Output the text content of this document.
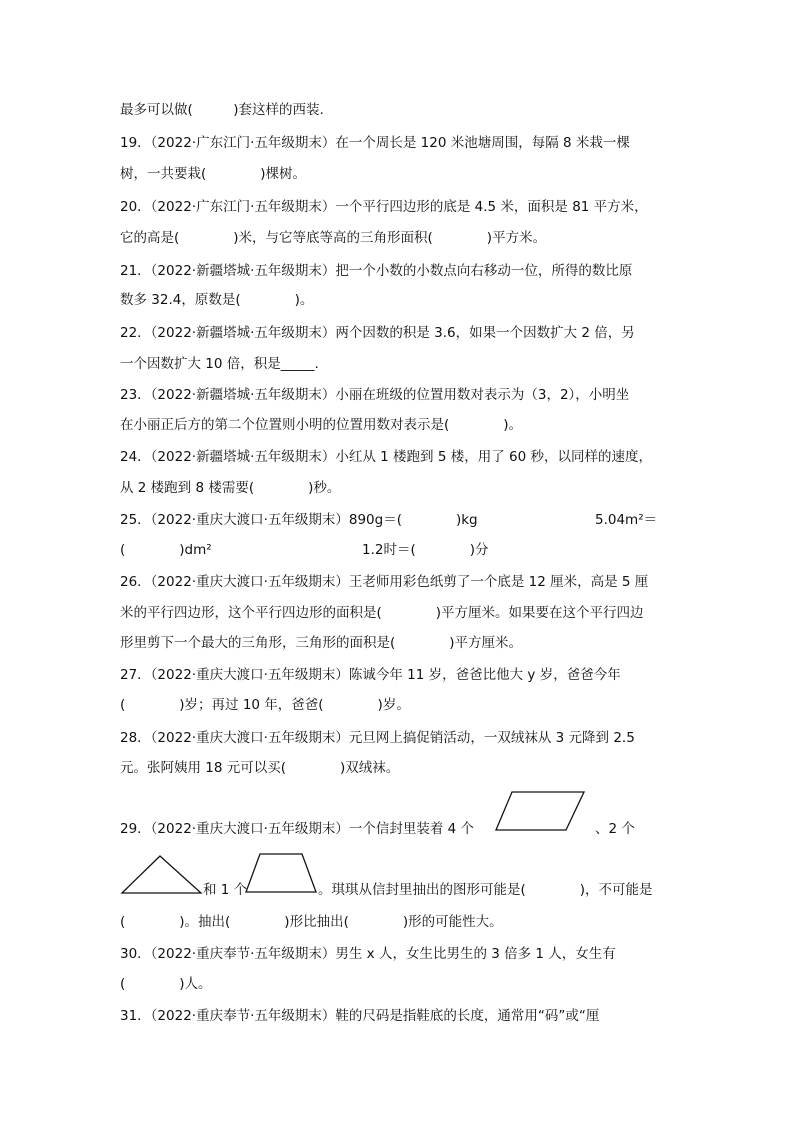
最多可以做(　　　)套这样的西装.
19．（2022·广东江门·五年级期末）在一个周长是 120 米池塘周围，每隔 8 米栽一棵
树，一共要栽(　　　　)棵树。
20．（2022·广东江门·五年级期末）一个平行四边形的底是 4.5 米，面积是 81 平方米，
它的高是(　　　　)米，与它等底等高的三角形面积(　　　　)平方米。
21．（2022·新疆塔城·五年级期末）把一个小数的小数点向右移动一位，所得的数比原
数多 32.4，原数是(　　　　)。
22．（2022·新疆塔城·五年级期末）两个因数的积是 3.6，如果一个因数扩大 2 倍，另
一个因数扩大 10 倍，积是_____.
23．（2022·新疆塔城·五年级期末）小丽在班级的位置用数对表示为（3，2），小明坐
在小丽正后方的第二个位置则小明的位置用数对表示是(　　　　)。
24．（2022·新疆塔城·五年级期末）小红从 1 楼跑到 5 楼，用了 60 秒，以同样的速度，
从 2 楼跑到 8 楼需要(　　　　)秒。
25．（2022·重庆大渡口·五年级期末）890g＝(　　　　)kg	5.04m²＝
(　　　　)dm²	1.2时＝(　　　　)分
26．（2022·重庆大渡口·五年级期末）王老师用彩色纸剪了一个底是 12 厘米，高是 5 厘
米的平行四边形，这个平行四边形的面积是(　　　　)平方厘米。如果要在这个平行四边
形里剪下一个最大的三角形，三角形的面积是(　　　　)平方厘米。
27．（2022·重庆大渡口·五年级期末）陈诚今年 11 岁，爸爸比他大 y 岁，爸爸今年
(　　　　)岁；再过 10 年，爸爸(　　　　)岁。
28．（2022·重庆大渡口·五年级期末）元旦网上搞促销活动，一双绒袜从 3 元降到 2.5
元。张阿姨用 18 元可以买(　　　　)双绒袜。
29．（2022·重庆大渡口·五年级期末）一个信封里装着 4 个	、2 个
和 1 个	。琪琪从信封里抽出的图形可能是(　　　　)，不可能是
(　　　　)。抽出(　　　　)形比抽出(　　　　)形的可能性大。
30．（2022·重庆奉节·五年级期末）男生 x 人，女生比男生的 3 倍多 1 人，女生有
(　　　　)人。
31．（2022·重庆奉节·五年级期末）鞋的尺码是指鞋底的长度，通常用“码”或“厘
